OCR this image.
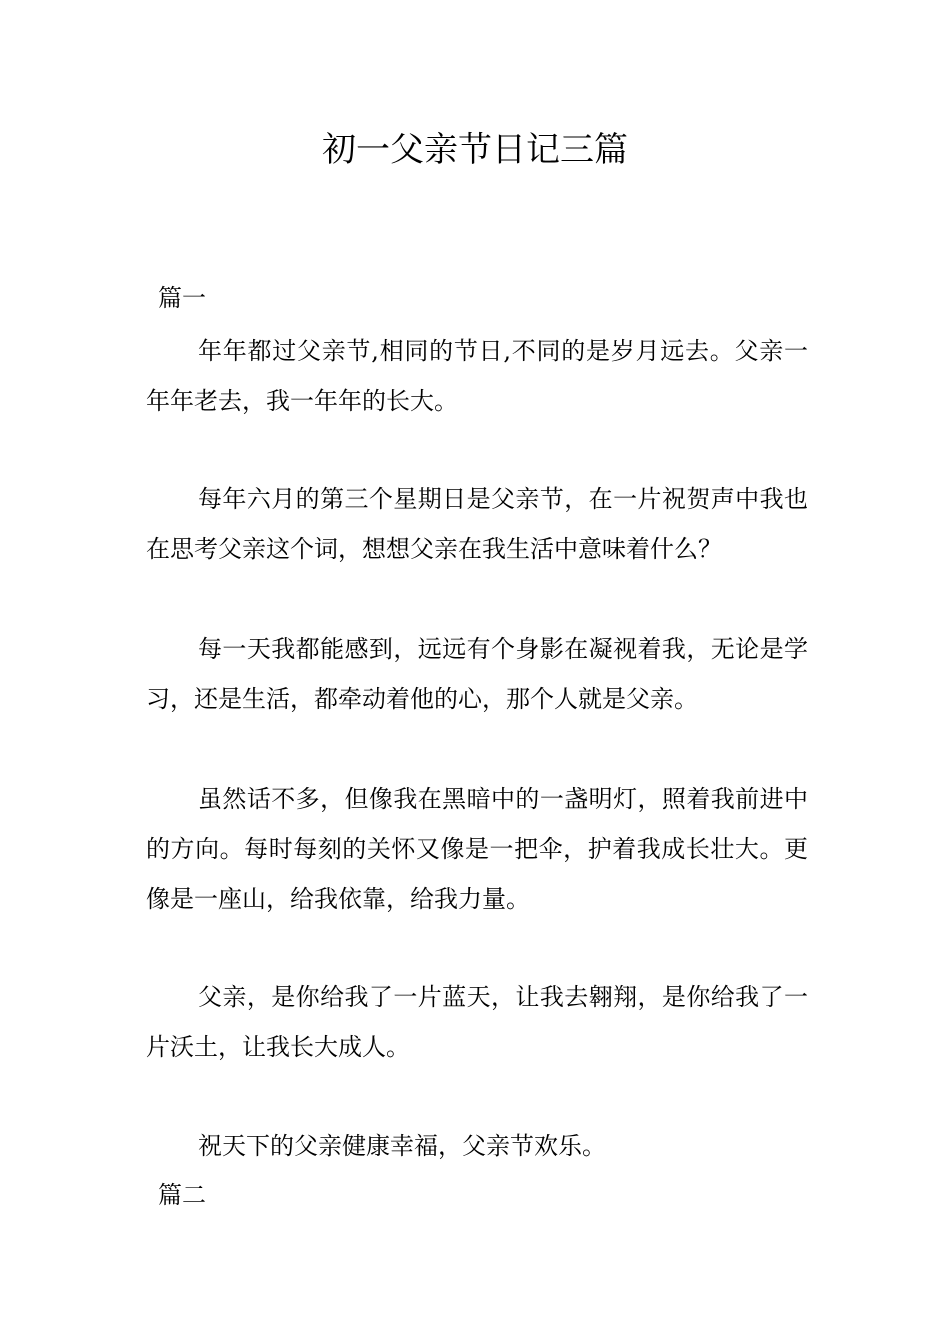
初一父亲节日记三篇

篇一

年年都过父亲节,相同的节日,不同的是岁月远去。父亲一年年老去，我一年年的长大。

每年六月的第三个星期日是父亲节，在一片祝贺声中我也在思考父亲这个词，想想父亲在我生活中意味着什么？

每一天我都能感到，远远有个身影在凝视着我，无论是学习，还是生活，都牵动着他的心，那个人就是父亲。

虽然话不多，但像我在黑暗中的一盏明灯，照着我前进中的方向。每时每刻的关怀又像是一把伞，护着我成长壮大。更像是一座山，给我依靠，给我力量。

父亲，是你给我了一片蓝天，让我去翱翔，是你给我了一片沃土，让我长大成人。

祝天下的父亲健康幸福，父亲节欢乐。

篇二
